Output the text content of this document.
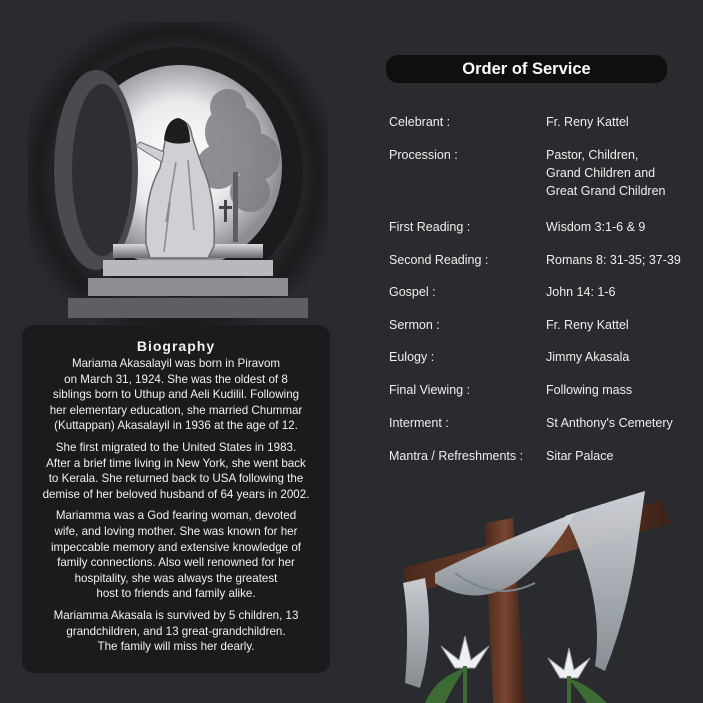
Biography

Mariama Akasalayil was born in Piravom
on March 31, 1924. She was the oldest of 8
siblings born to Uthup and Aeli Kudilil. Following
her elementary education, she married Chummar
(Kuttappan) Akasalayil in 1936 at the age of 12.

She first migrated to the United States in 1983.
After a brief time living in New York, she went back
to Kerala. She returned back to USA following the
demise of her beloved husband of 64 years in 2002.

Mariamma was a God fearing woman, devoted
wife, and loving mother. She was known for her
impeccable memory and extensive knowledge of
family connections. Also well renowned for her
hospitality, she was always the greatest
host to friends and family alike.

Mariamma Akasala is survived by 5 children, 13
grandchildren, and 13 great-grandchildren.
The family will miss her dearly.

Order of Service
Celebrant :	Fr. Reny Kattel
Procession :	Pastor, Children,
Grand Children and
Great Grand Children
First Reading :	Wisdom 3:1-6 & 9
Second Reading :	Romans 8: 31-35; 37-39
Gospel :	John 14: 1-6
Sermon :	Fr. Reny Kattel
Eulogy :	Jimmy Akasala
Final Viewing :	Following mass
Interment :	St Anthony's Cemetery
Mantra / Refreshments :	Sitar Palace
